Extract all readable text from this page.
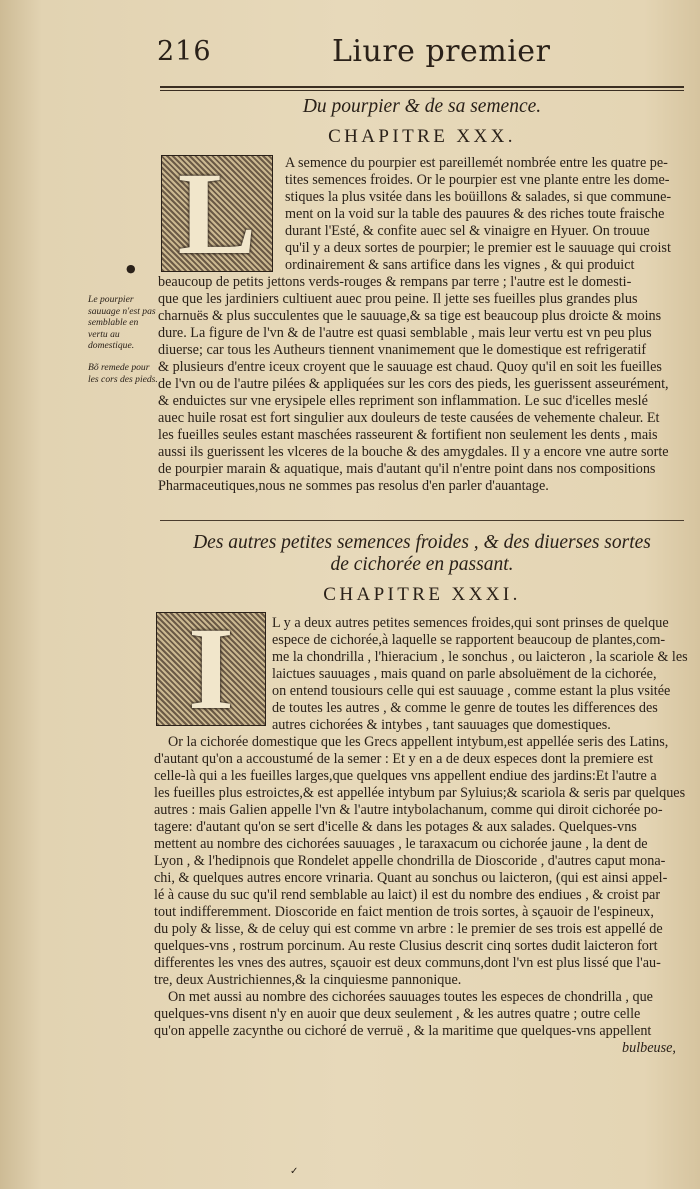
216	Liure premier
Du pourpier & de sa semence.
CHAPITRE XXX.
L
●
A semence du pourpier est pareillemét nombrée entre les quatre pe-
tites semences froides. Or le pourpier est vne plante entre les dome-
stiques la plus vsitée dans les boüillons & salades, si que commune-
ment on la void sur la table des pauures & des riches toute fraische
durant l'Esté, & confite auec sel & vinaigre en Hyuer. On trouue
qu'il y a deux sortes de pourpier; le premier est le sauuage qui croist
ordinairement & sans artifice dans les vignes , & qui produict
beaucoup de petits jettons verds-rouges & rempans par terre ; l'autre est le domesti-
que que les jardiniers cultiuent auec prou peine. Il jette ses fueilles plus grandes plus
charnuës & plus succulentes que le sauuage,& sa tige est beaucoup plus droicte & moins
dure. La figure de l'vn & de l'autre est quasi semblable , mais leur vertu est vn peu plus
diuerse; car tous les Autheurs tiennent vnanimement que le domestique est refrigeratif
& plusieurs d'entre iceux croyent que le sauuage est chaud. Quoy qu'il en soit les fueilles
de l'vn ou de l'autre pilées & appliquées sur les cors des pieds, les guerissent asseurément,
& enduictes sur vne erysipele elles repriment son inflammation. Le suc d'icelles meslé
auec huile rosat est fort singulier aux douleurs de teste causées de vehemente chaleur. Et
les fueilles seules estant maschées rasseurent & fortifient non seulement les dents , mais
aussi ils guerissent les vlceres de la bouche & des amygdales. Il y a encore vne autre sorte
de pourpier marain & aquatique, mais d'autant qu'il n'entre point dans nos compositions
Pharmaceutiques,nous ne sommes pas resolus d'en parler d'auantage.
Le pourpier sauuage n'est pas semblable en vertu au domestique.
Bõ remede pour les cors des pieds.
Des autres petites semences froides , & des diuerses sortes
de cichorée en passant.
CHAPITRE XXXI.
I	L y a deux autres petites semences froides,qui sont prinses de quelque
espece de cichorée,à laquelle se rapportent beaucoup de plantes,com-
me la chondrilla , l'hieracium , le sonchus , ou laicteron , la scariole & les
laictues sauuages , mais quand on parle absoluëment de la cichorée,
on entend tousiours celle qui est sauuage , comme estant la plus vsitée
de toutes les autres , & comme le genre de toutes les differences des
autres cichorées & intybes , tant sauuages que domestiques.
Or la cichorée domestique que les Grecs appellent intybum,est appellée seris des Latins,
d'autant qu'on a accoustumé de la semer : Et y en a de deux especes dont la premiere est
celle-là qui a les fueilles larges,que quelques vns appellent endiue des jardins:Et l'autre a
les fueilles plus estroictes,& est appellée intybum par Syluius;& scariola & seris par quelques
autres : mais Galien appelle l'vn & l'autre intybolachanum, comme qui diroit cichorée po-
tagere: d'autant qu'on se sert d'icelle & dans les potages & aux salades. Quelques-vns
mettent au nombre des cichorées sauuages , le taraxacum ou cichorée jaune , la dent de
Lyon , & l'hedipnois que Rondelet appelle chondrilla de Dioscoride , d'autres caput mona-
chi, & quelques autres encore vrinaria. Quant au sonchus ou laicteron, (qui est ainsi appel-
lé à cause du suc qu'il rend semblable au laict) il est du nombre des endiues , & croist par
tout indifferemment. Dioscoride en faict mention de trois sortes, à sçauoir de l'espineux,
du poly & lisse, & de celuy qui est comme vn arbre : le premier de ses trois est appellé de
quelques-vns , rostrum porcinum. Au reste Clusius descrit cinq sortes dudit laicteron fort
differentes les vnes des autres, sçauoir est deux communs,dont l'vn est plus lissé que l'au-
tre, deux Austrichiennes,& la cinquiesme pannonique.
On met aussi au nombre des cichorées sauuages toutes les especes de chondrilla , que
quelques-vns disent n'y en auoir que deux seulement , & les autres quatre ; outre celle
qu'on appelle zacynthe ou cichoré de verruë , & la maritime que quelques-vns appellent
bulbeuse,
✓
